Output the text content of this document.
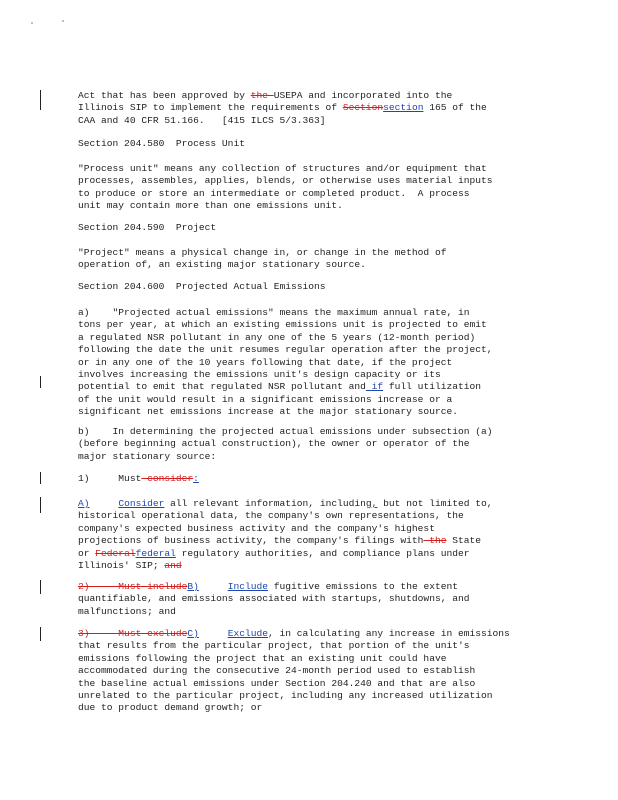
Act that has been approved by the USEPA and incorporated into the
Illinois SIP to implement the requirements of Sectionsection 165 of the
CAA and 40 CFR 51.166.   [415 ILCS 5/3.363]
Section 204.580  Process Unit
"Process unit" means any collection of structures and/or equipment that
processes, assembles, applies, blends, or otherwise uses material inputs
to produce or store an intermediate or completed product.  A process
unit may contain more than one emissions unit.
Section 204.590  Project
"Project" means a physical change in, or change in the method of
operation of, an existing major stationary source.
Section 204.600  Projected Actual Emissions
a)    "Projected actual emissions" means the maximum annual rate, in
tons per year, at which an existing emissions unit is projected to emit
a regulated NSR pollutant in any one of the 5 years (12-month period)
following the date the unit resumes regular operation after the project,
or in any one of the 10 years following that date, if the project
involves increasing the emissions unit's design capacity or its
potential to emit that regulated NSR pollutant and if full utilization
of the unit would result in a significant emissions increase or a
significant net emissions increase at the major stationary source.
b)    In determining the projected actual emissions under subsection (a)
(before beginning actual construction), the owner or operator of the
major stationary source:
1)     Must consider:
A)	Consider all relevant information, including, but not limited to,
historical operational data, the company's own representations, the
company's expected business activity and the company's highest
projections of business activity, the company's filings with the State
or Federalfederal regulatory authorities, and compliance plans under
Illinois' SIP; and
2)     Must includeB)	Include fugitive emissions to the extent
quantifiable, and emissions associated with startups, shutdowns, and
malfunctions; and
3)     Must excludeC)	Exclude, in calculating any increase in emissions
that results from the particular project, that portion of the unit's
emissions following the project that an existing unit could have
accommodated during the consecutive 24-month period used to establish
the baseline actual emissions under Section 204.240 and that are also
unrelated to the particular project, including any increased utilization
due to product demand growth; or
